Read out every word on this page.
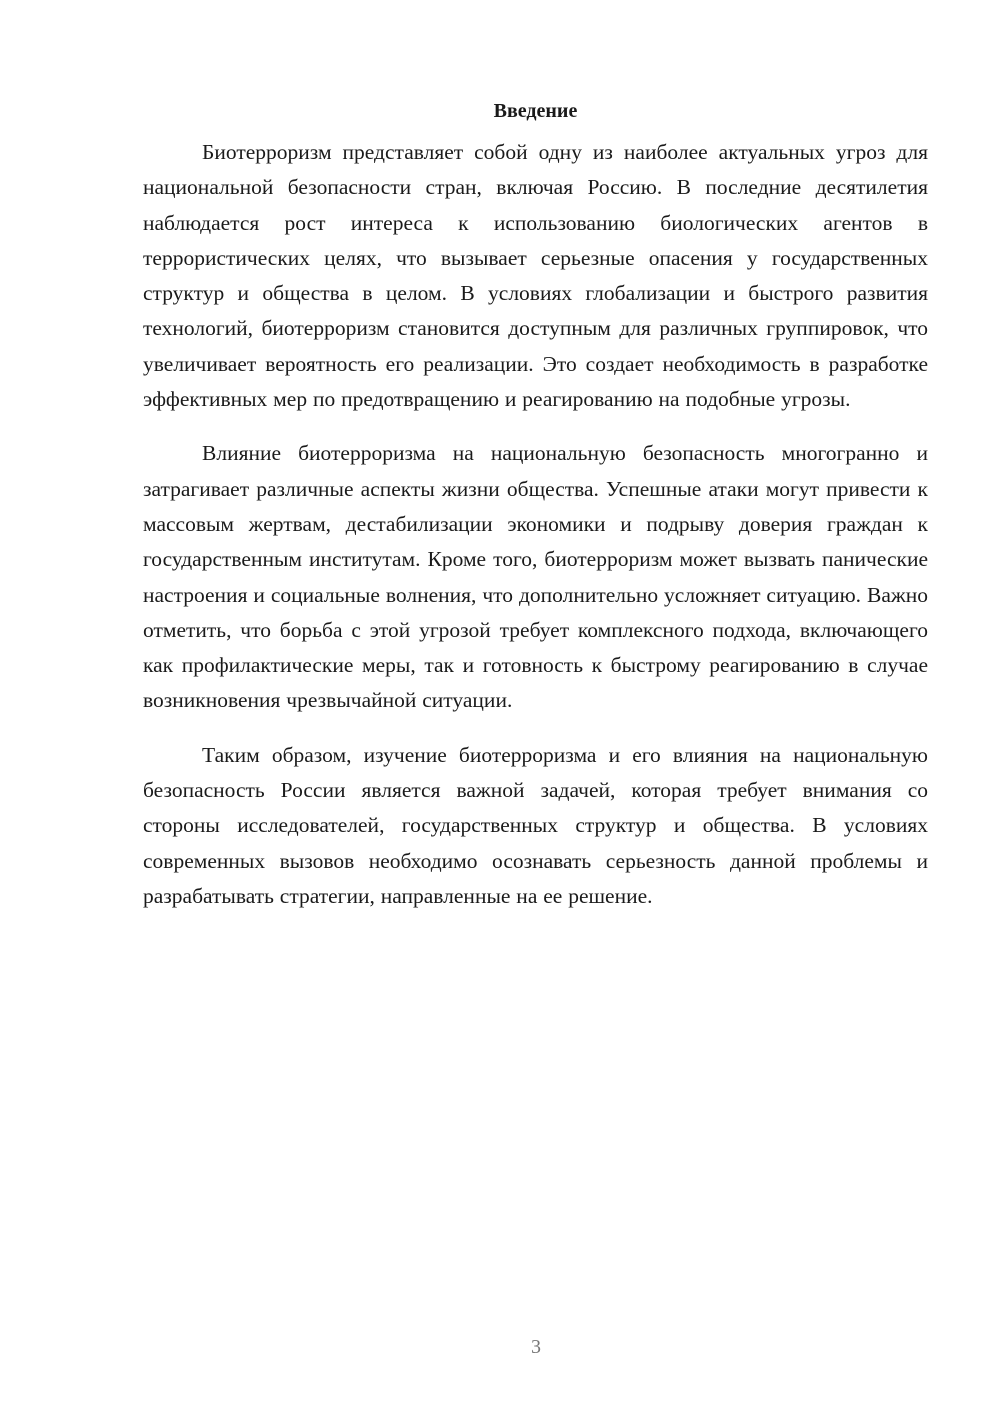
Введение

Биотерроризм представляет собой одну из наиболее актуальных угроз для национальной безопасности стран, включая Россию. В последние десятилетия наблюдается рост интереса к использованию биологических агентов в террористических целях, что вызывает серьезные опасения у государственных структур и общества в целом. В условиях глобализации и быстрого развития технологий, биотерроризм становится доступным для различных группировок, что увеличивает вероятность его реализации. Это создает необходимость в разработке эффективных мер по предотвращению и реагированию на подобные угрозы.

Влияние биотерроризма на национальную безопасность многогранно и затрагивает различные аспекты жизни общества. Успешные атаки могут привести к массовым жертвам, дестабилизации экономики и подрыву доверия граждан к государственным институтам. Кроме того, биотерроризм может вызвать панические настроения и социальные волнения, что дополнительно усложняет ситуацию. Важно отметить, что борьба с этой угрозой требует комплексного подхода, включающего как профилактические меры, так и готовность к быстрому реагированию в случае возникновения чрезвычайной ситуации.

Таким образом, изучение биотерроризма и его влияния на национальную безопасность России является важной задачей, которая требует внимания со стороны исследователей, государственных структур и общества. В условиях современных вызовов необходимо осознавать серьезность данной проблемы и разрабатывать стратегии, направленные на ее решение.

3
